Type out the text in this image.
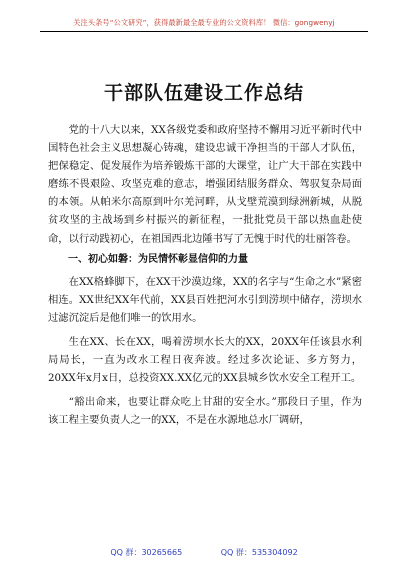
关注头条号“公文研究”，获得最新最全最专业的公文资料库！ 微信：gongwenyj
干部队伍建设工作总结

党的十八大以来，XX各级党委和政府坚持不懈用习近平新时代中国特色社会主义思想凝心铸魂，建设忠诚干净担当的干部人才队伍，把保稳定、促发展作为培养锻炼干部的大课堂，让广大干部在实践中磨练不畏艰险、攻坚克难的意志，增强团结服务群众、驾驭复杂局面的本领。从帕米尔高原到叶尔羌河畔，从戈壁荒漠到绿洲新城，从脱贫攻坚的主战场到乡村振兴的新征程，一批批党员干部以热血赴使命，以行动践初心，在祖国西北边陲书写了无愧于时代的壮丽答卷。

一、初心如磐：为民情怀彰显信仰的力量

在XX格蜂脚下，在XX干沙漠边缘，XX的名字与“生命之水”紧密相连。XX世纪XX年代前，XX县百姓把河水引到涝坝中储存，涝坝水过滤沉淀后是他们唯一的饮用水。

生在XX、长在XX，喝着涝坝水长大的XX，20XX年任该县水利局局长，一直为改水工程日夜奔波。经过多次论证、多方努力，20XX年x月x日，总投资XX.XX亿元的XX县城乡饮水安全工程开工。

“豁出命来，也要让群众吃上甘甜的安全水。”那段日子里，作为该工程主要负责人之一的XX，不是在水源地总水厂调研，

QQ 群：30265665	QQ 群：535304092
